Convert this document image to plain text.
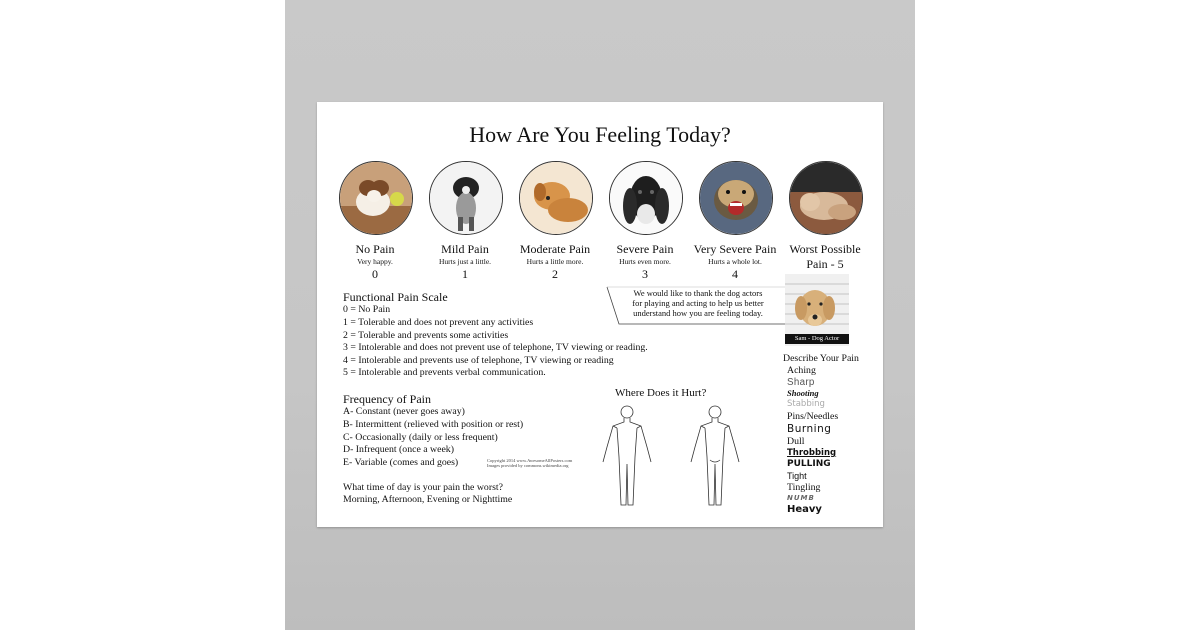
How Are You Feeling Today?
No Pain
Very happy.
0
Mild Pain
Hurts just a little.
1
Moderate Pain
Hurts a little more.
2
Severe Pain
Hurts even more.
3
Very Severe Pain
Hurts a whole lot.
4
Worst Possible
Pain - 5
Functional Pain Scale
0 = No Pain
1 = Tolerable and does not prevent any activities
2 = Tolerable and prevents some activities
3 = Intolerable and does not prevent use of telephone, TV viewing or reading.
4 = Intolerable and prevents use of telephone, TV viewing or reading
5 = Intolerable and prevents verbal communication.
Frequency of Pain
A- Constant (never goes away)
B- Intermittent (relieved with position or rest)
C- Occasionally (daily or less frequent)
D- Infrequent (once a week)
E- Variable (comes and goes)	Copyright 2014 www.AwesomeAllPosters.com
Images provided by commons.wikimedia.org
What time of day is your pain the worst?
Morning, Afternoon, Evening or Nighttime
We would like to thank the dog actors
for playing and acting to help us better
understand how you are feeling today.
Sam - Dog Actor
Describe Your Pain
Aching
Sharp
Shooting
Stabbing
Pins/Needles
Burning
Dull
Throbbing
PULLING
Tight
Tingling
NUMB
Heavy
Where Does it Hurt?
